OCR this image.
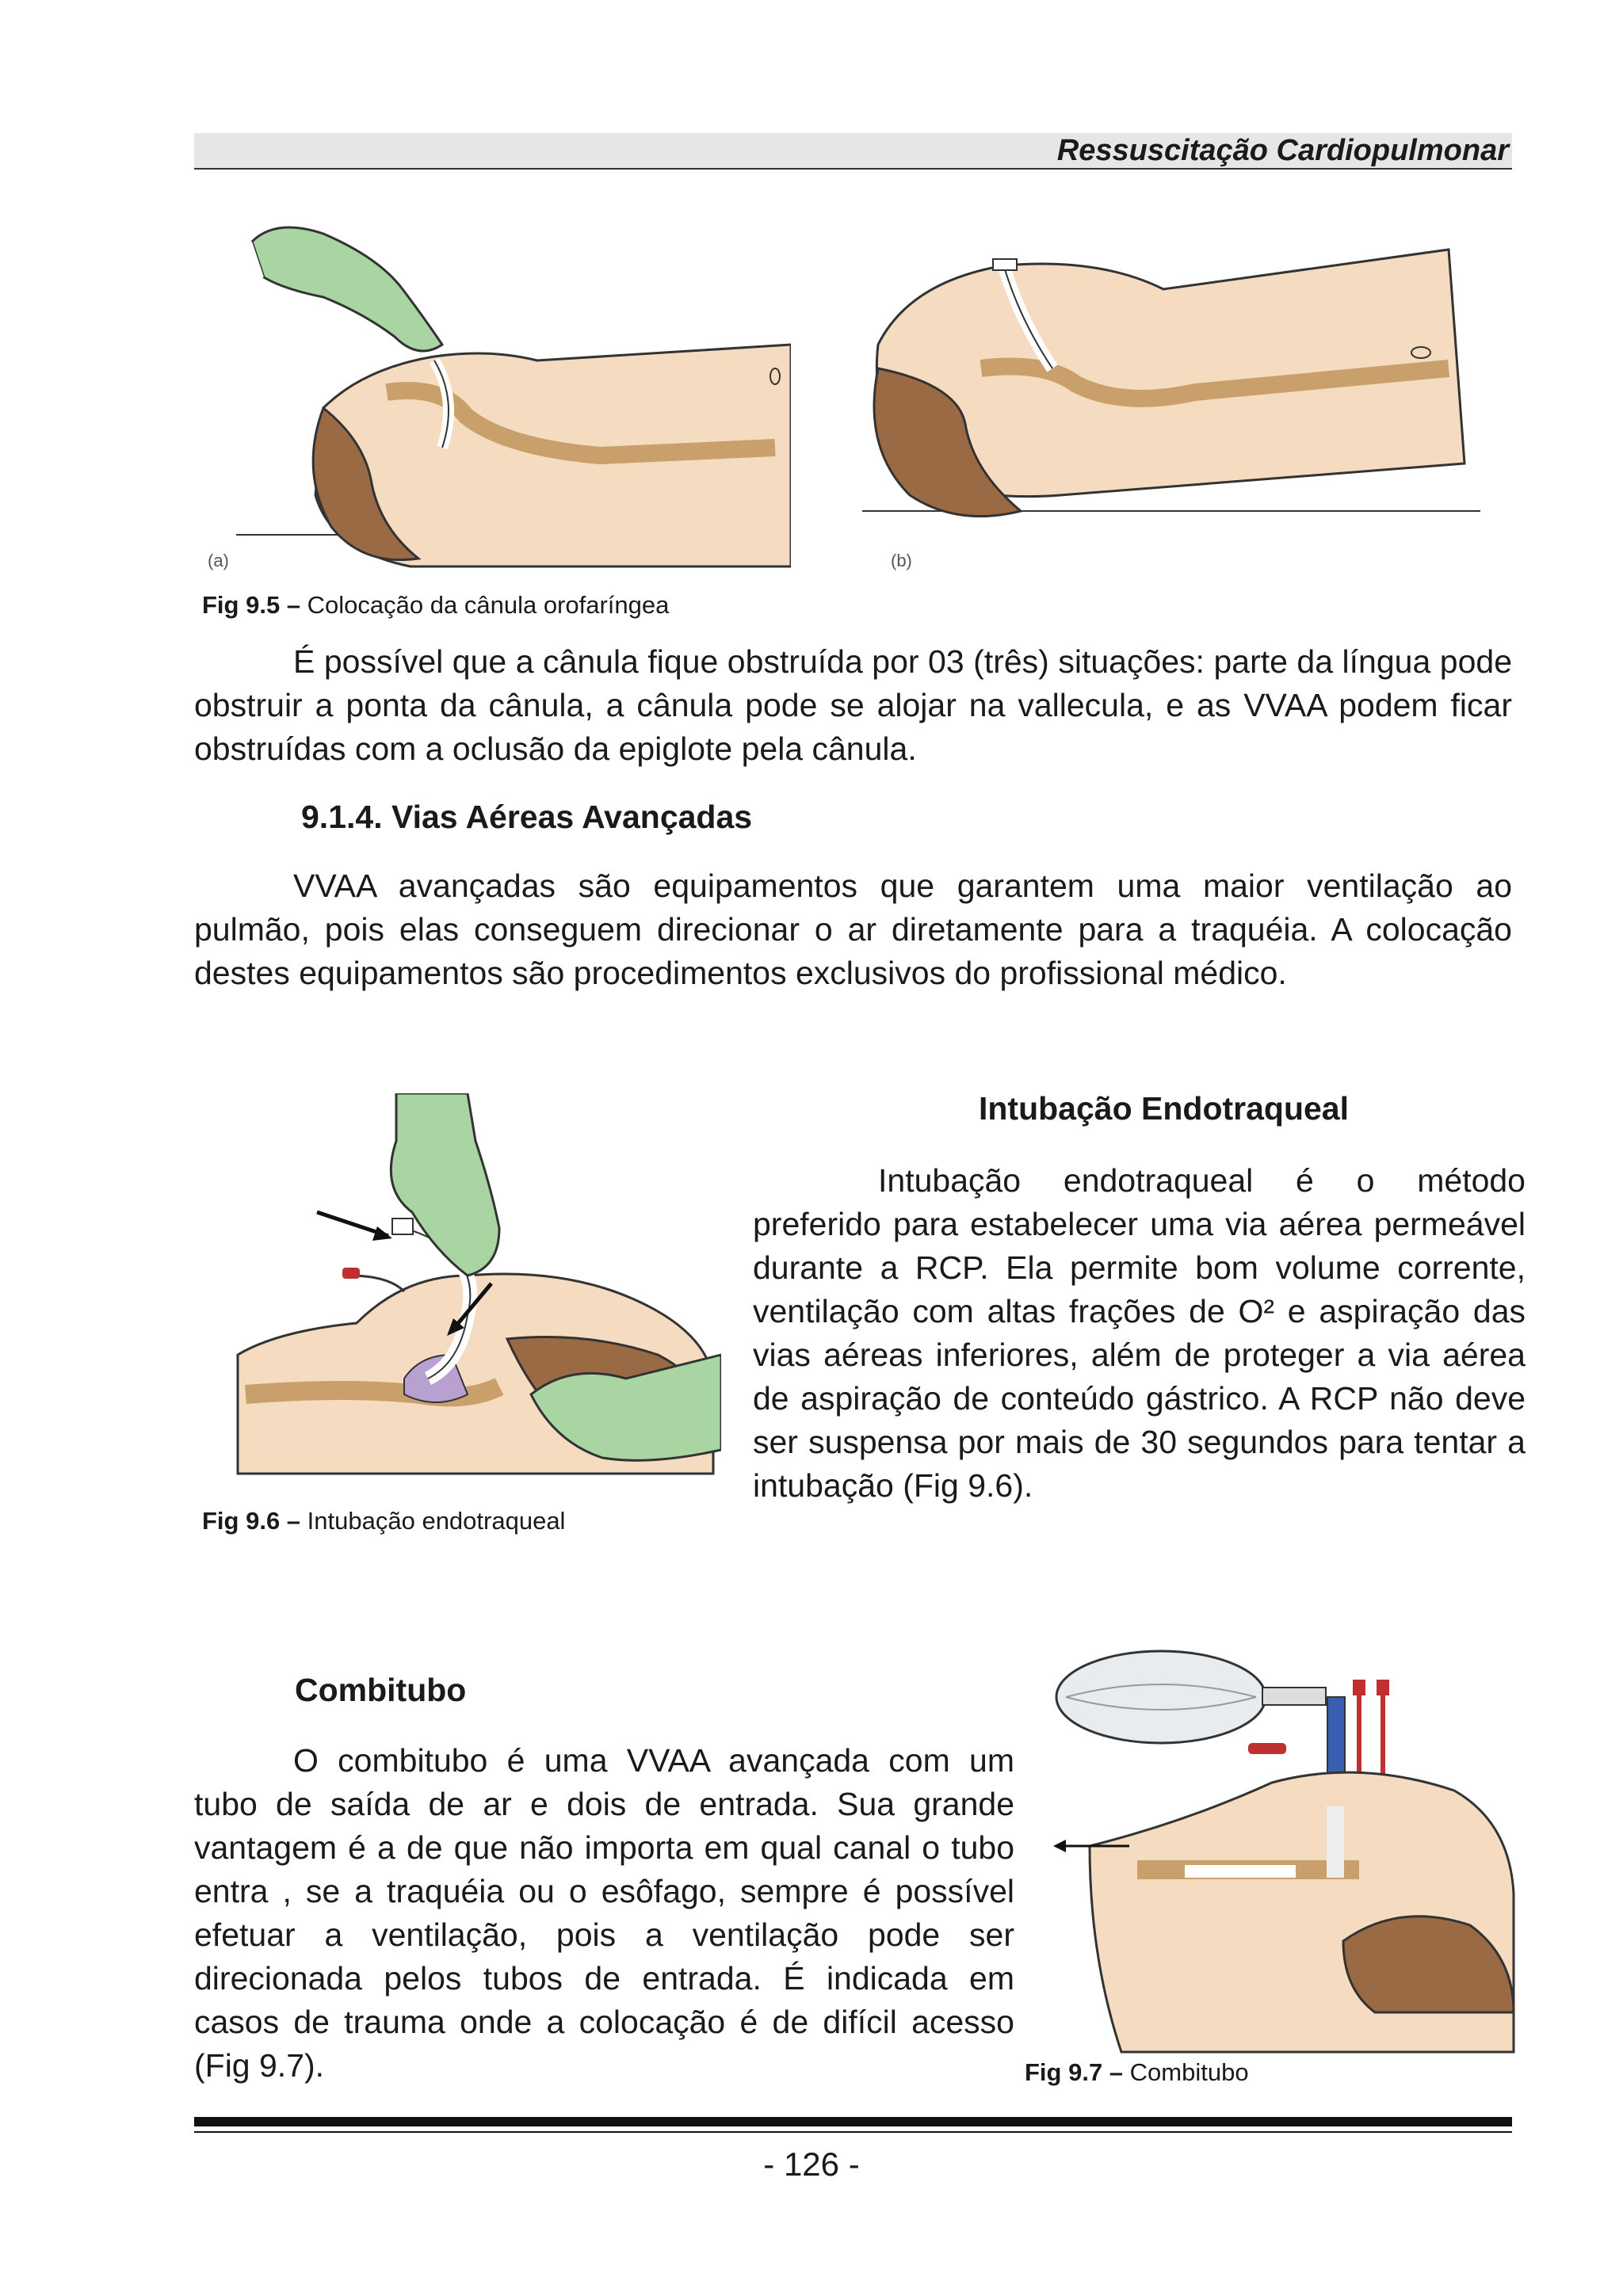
Ressuscitação Cardiopulmonar
(a)	(b)
Fig 9.5 – Colocação da cânula orofaríngea
É possível que a cânula fique obstruída por 03 (três) situações: parte da língua pode obstruir a ponta da cânula, a cânula pode se alojar na vallecula, e as VVAA podem ficar obstruídas com a oclusão da epiglote pela cânula.
9.1.4. Vias Aéreas Avançadas
VVAA avançadas são equipamentos que garantem uma maior ventilação ao pulmão, pois elas conseguem direcionar o ar diretamente para a traquéia. A colocação destes equipamentos são procedimentos exclusivos do profissional médico.
Fig 9.6 – Intubação endotraqueal
Intubação Endotraqueal
Intubação endotraqueal é o método preferido para estabelecer uma via aérea permeável durante a RCP. Ela permite bom volume corrente, ventilação com altas frações de O² e aspiração das vias aéreas inferiores, além de proteger a via aérea de aspiração de conteúdo gástrico. A RCP não deve ser suspensa por mais de 30 segundos para tentar a intubação (Fig 9.6).
Combitubo
O combitubo é uma VVAA avançada com um tubo de saída de ar e dois de entrada. Sua grande vantagem é a de que não importa em qual canal o tubo entra , se a traquéia ou o esôfago, sempre é possível efetuar a ventilação, pois a ventilação pode ser direcionada pelos tubos de entrada. É indicada em casos de trauma onde a colocação é de difícil acesso (Fig 9.7).	Fig 9.7 – Combitubo
- 126 -
